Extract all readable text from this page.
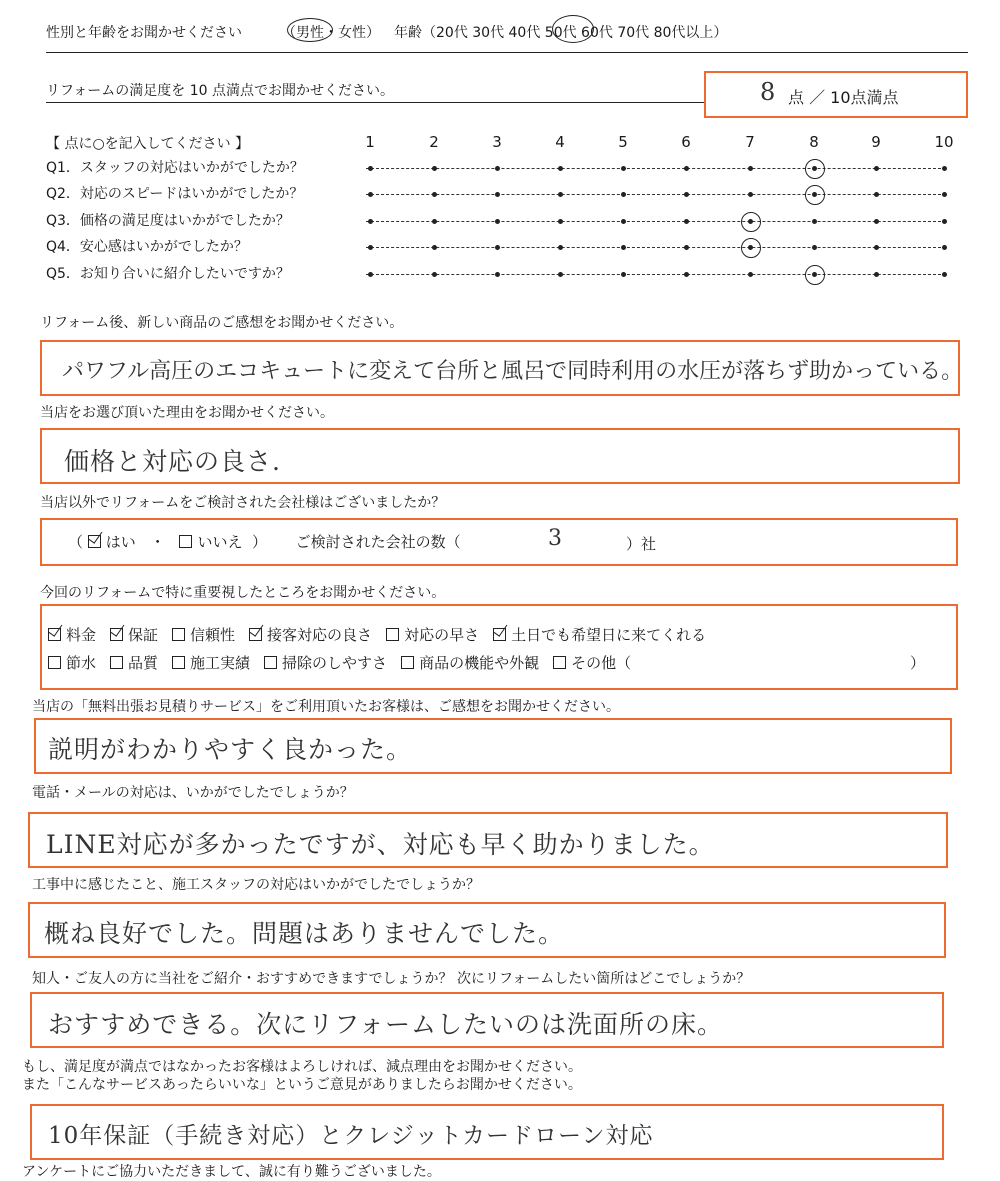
性別と年齢をお聞かせください	（男性・女性） 年齢（20代 30代 40代 50代 60代 70代 80代以上）
リフォームの満足度を 10 点満点でお聞かせください。	8 点 ／ 10点満点
【 点に○を記入してください 】	1	2	3	4	5	6	7	8	9	10
Q1．スタッフの対応はいかがでしたか？
Q2．対応のスピードはいかがでしたか？
Q3．価格の満足度はいかがでしたか？
Q4．安心感はいかがでしたか？
Q5．お知り合いに紹介したいですか？
リフォーム後、新しい商品のご感想をお聞かせください。
パワフル高圧のエコキュートに変えて台所と風呂で同時利用の水圧が落ちず助かっている。
当店をお選び頂いた理由をお聞かせください。
価格と対応の良さ.
当店以外でリフォームをご検討された会社様はございましたか？
（ はい ・ いいえ ） ご検討された会社の数（	3	）社
今回のリフォームで特に重要視したところをお聞かせください。
料金 保証 信頼性 接客対応の良さ 対応の早さ 土日でも希望日に来てくれる
節水 品質 施工実績 掃除のしやすさ 商品の機能や外観 その他（	）
当店の「無料出張お見積りサービス」をご利用頂いたお客様は、ご感想をお聞かせください。
説明がわかりやすく良かった。
電話・メールの対応は、いかがでしたでしょうか？
LINE対応が多かったですが、対応も早く助かりました。
工事中に感じたこと、施工スタッフの対応はいかがでしたでしょうか？
概ね良好でした。問題はありませんでした。
知人・ご友人の方に当社をご紹介・おすすめできますでしょうか？ 次にリフォームしたい箇所はどこでしょうか？
おすすめできる。次にリフォームしたいのは洗面所の床。
もし、満足度が満点ではなかったお客様はよろしければ、減点理由をお聞かせください。
また「こんなサービスあったらいいな」というご意見がありましたらお聞かせください。
10年保証（手続き対応）とクレジットカードローン対応
アンケートにご協力いただきまして、誠に有り難うございました。
